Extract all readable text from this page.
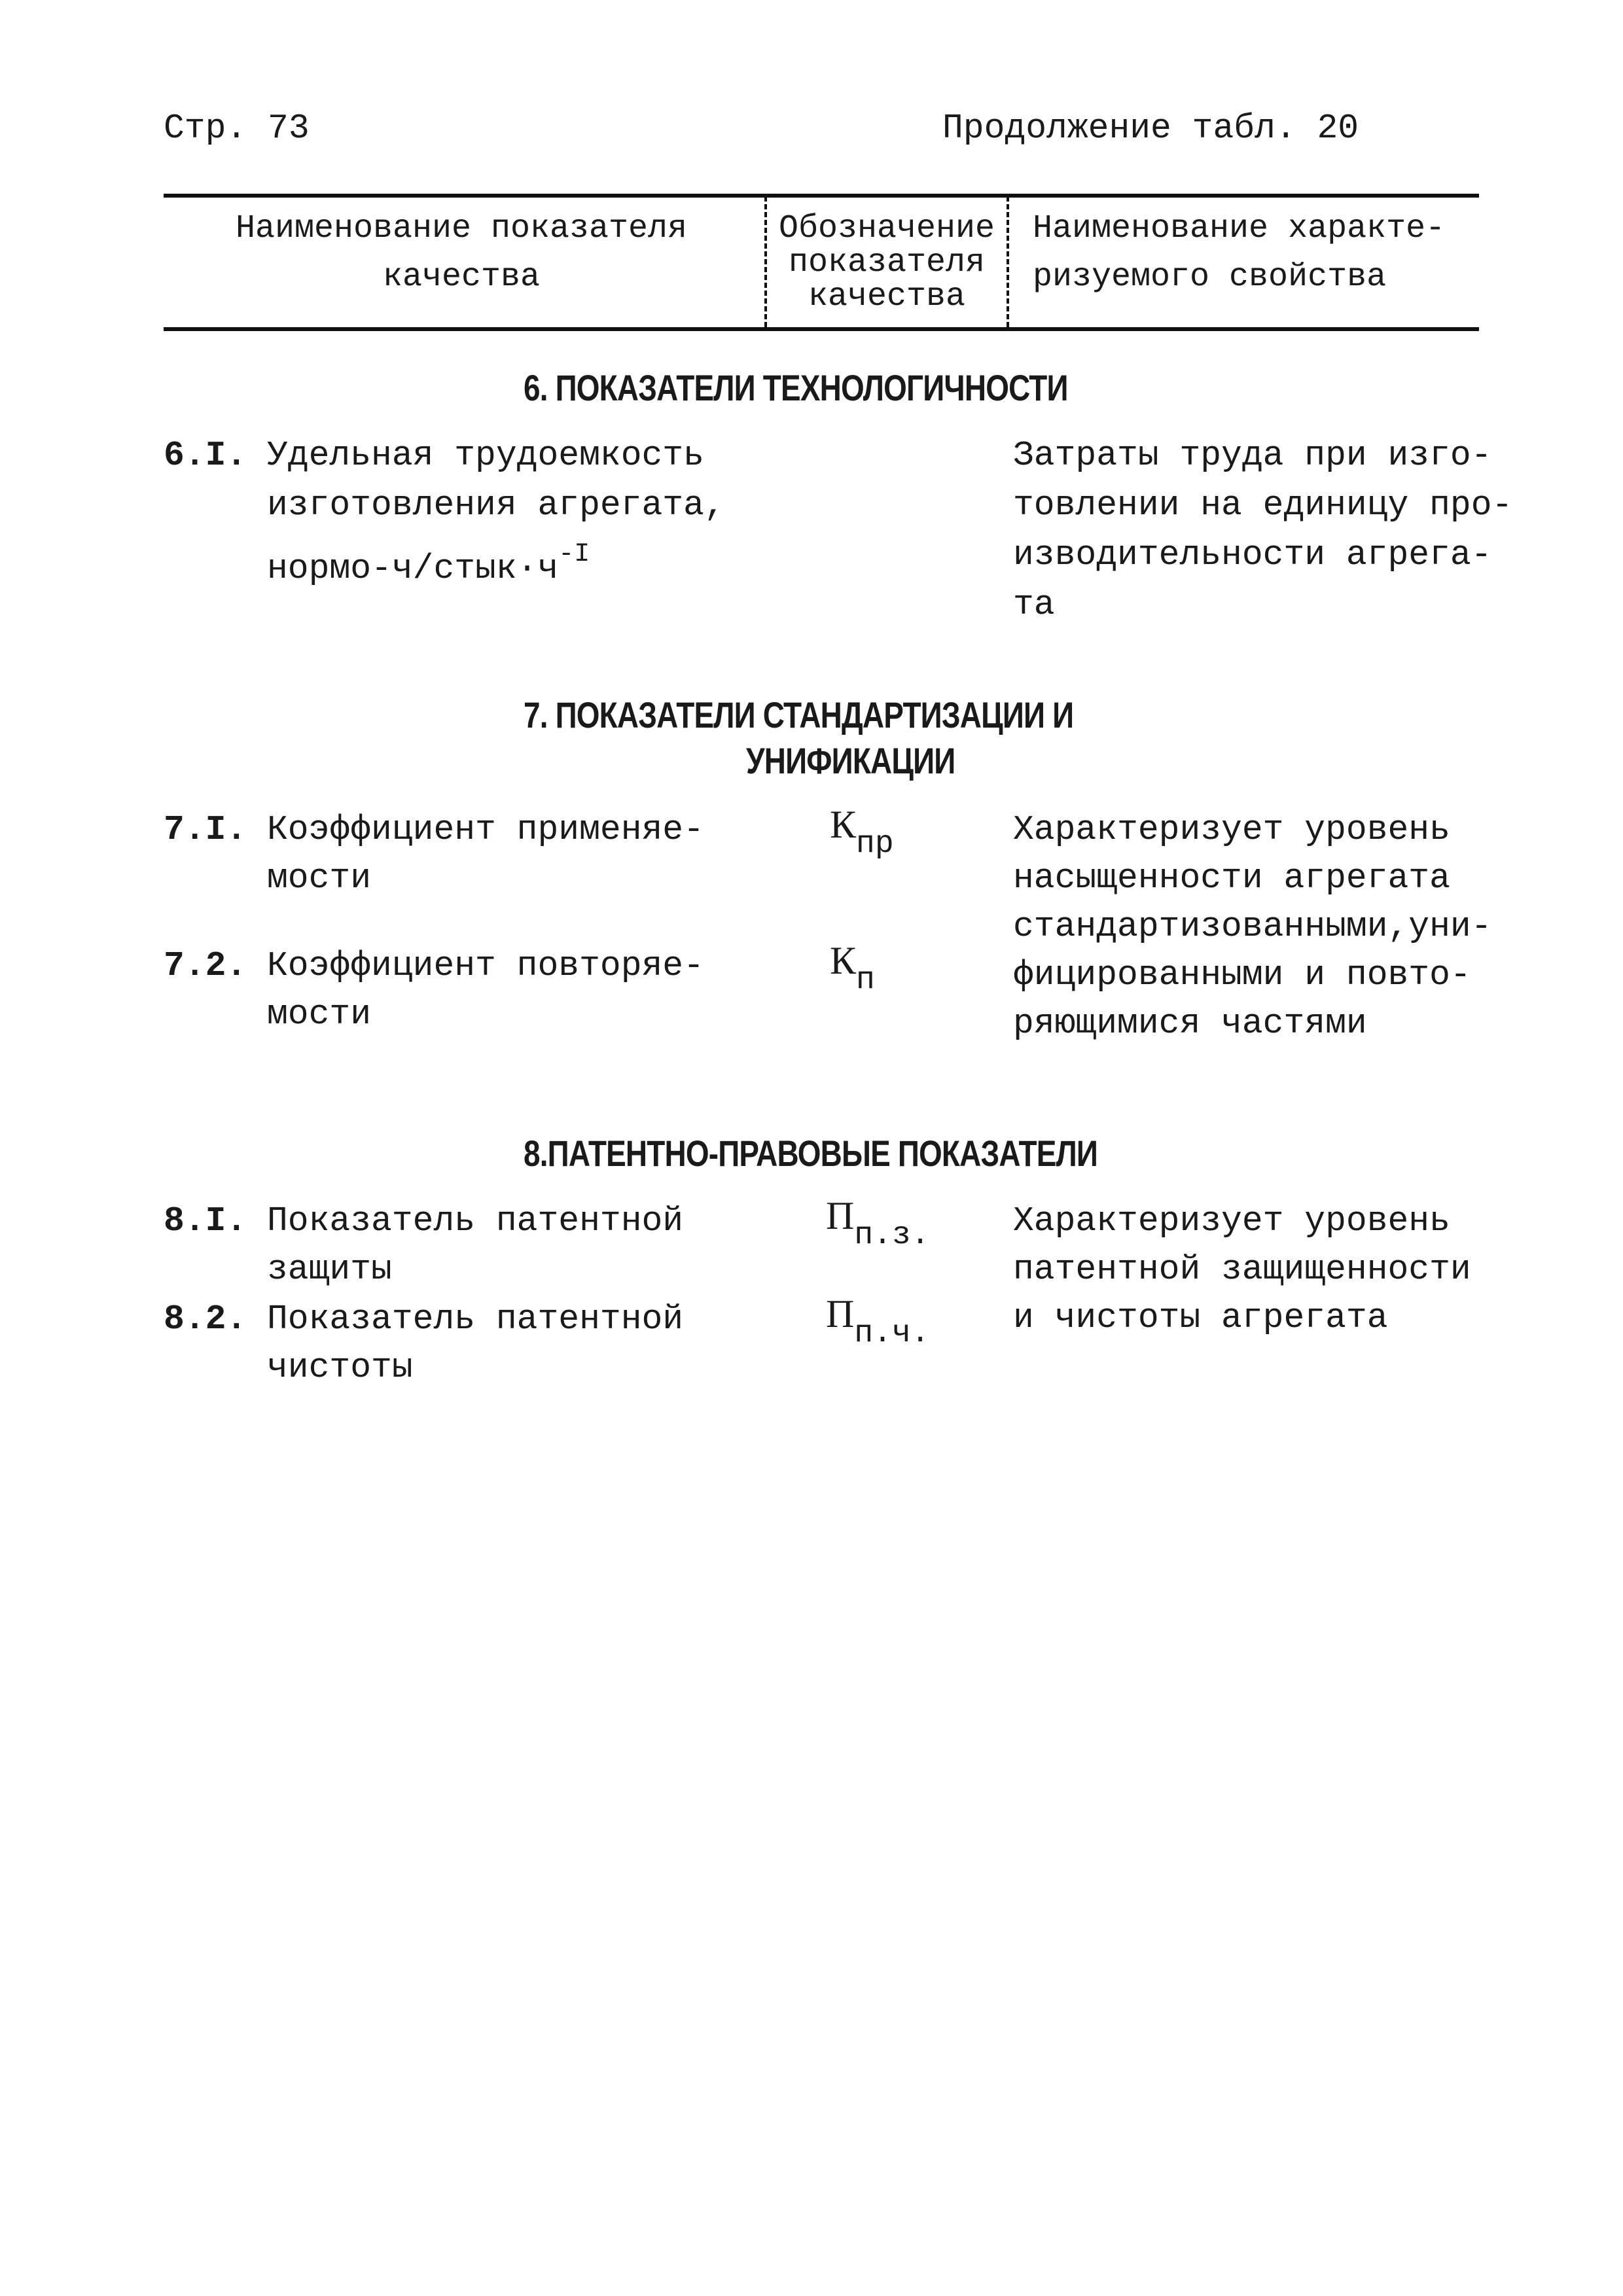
Стр. 73	Продолжение табл. 20
Наименование показателя
качества
Обозначение
показателя
качества
Наименование характе-
ризуемого свойства
6. ПОКАЗАТЕЛИ ТЕХНОЛОГИЧНОСТИ
6.I. Удельная трудоемкость
изготовления агрегата,
нормо-$ч/стык\cdot ч^{-I}$
Затраты труда при изго-
товлении на единицу про-
изводительности агрега-
та
7. ПОКАЗАТЕЛИ СТАНДАРТИЗАЦИИ И
УНИФИКАЦИИ
7.I. Коэффициент применяе-
мости
$К_{пр}$
7.2. Коэффициент повторяе-
мости
$К_п$
Характеризует уровень
насыщенности агрегата
стандартизованными,уни-
фицированными и повто-
ряющимися частями
8.ПАТЕНТНО-ПРАВОВЫЕ ПОКАЗАТЕЛИ
8.I. Показатель патентной
защиты
$П_{п.з.}$
8.2. Показатель патентной
чистоты
$П_{п.ч.}$
Характеризует уровень
патентной защищенности
и чистоты агрегата
